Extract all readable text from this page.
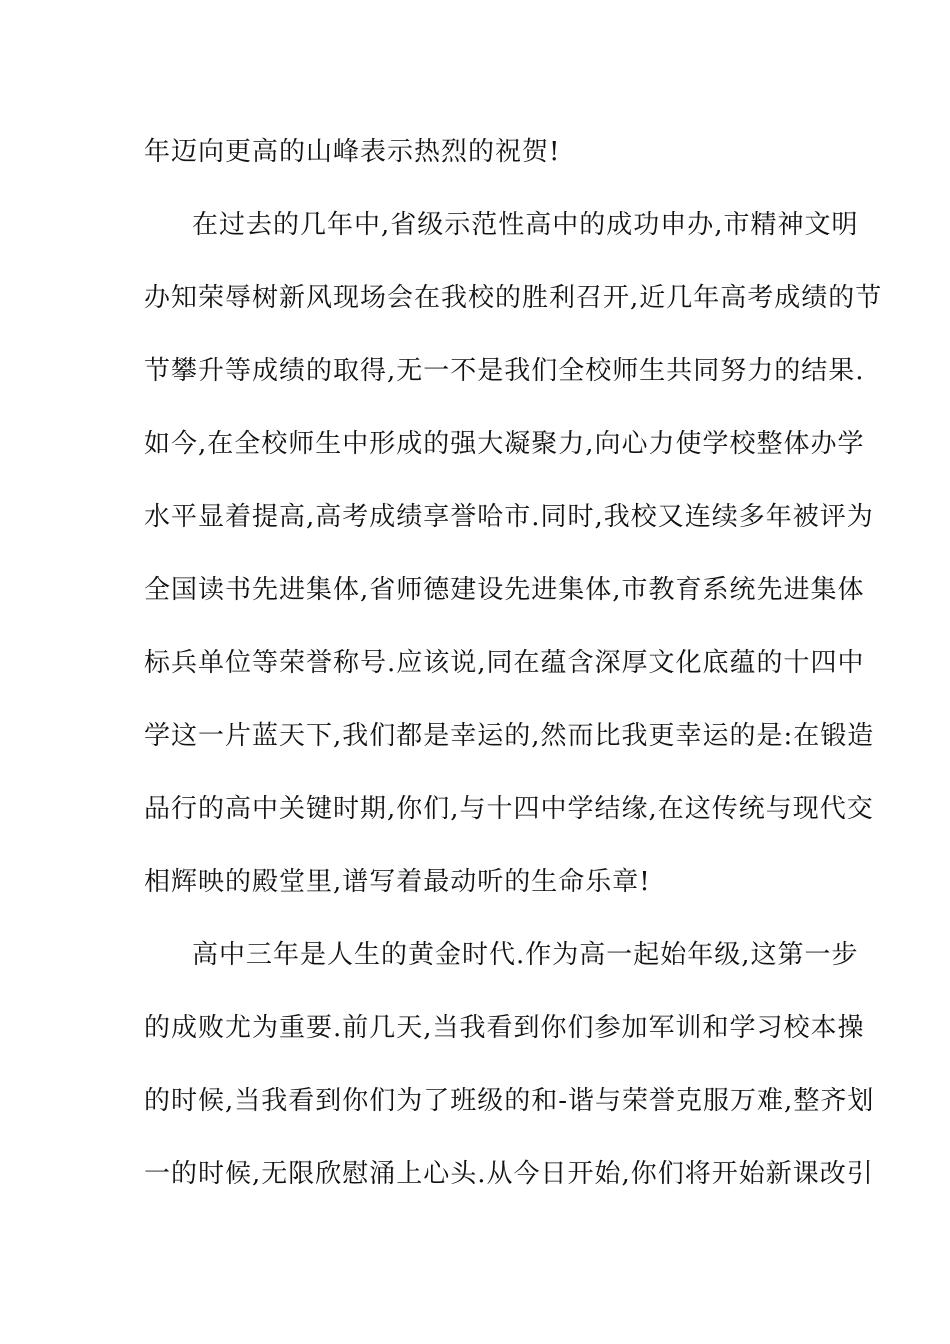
年迈向更高的山峰表示热烈的祝贺!
在过去的几年中,省级示范性高中的成功申办,市精神文明
办知荣辱树新风现场会在我校的胜利召开,近几年高考成绩的节
节攀升等成绩的取得,无一不是我们全校师生共同努力的结果.
如今,在全校师生中形成的强大凝聚力,向心力使学校整体办学
水平显着提高,高考成绩享誉哈市.同时,我校又连续多年被评为
全国读书先进集体,省师德建设先进集体,市教育系统先进集体
标兵单位等荣誉称号.应该说,同在蕴含深厚文化底蕴的十四中
学这一片蓝天下,我们都是幸运的,然而比我更幸运的是:在锻造
品行的高中关键时期,你们,与十四中学结缘,在这传统与现代交
相辉映的殿堂里,谱写着最动听的生命乐章!
高中三年是人生的黄金时代.作为高一起始年级,这第一步
的成败尤为重要.前几天,当我看到你们参加军训和学习校本操
的时候,当我看到你们为了班级的和-谐与荣誉克服万难,整齐划
一的时候,无限欣慰涌上心头.从今日开始,你们将开始新课改引
